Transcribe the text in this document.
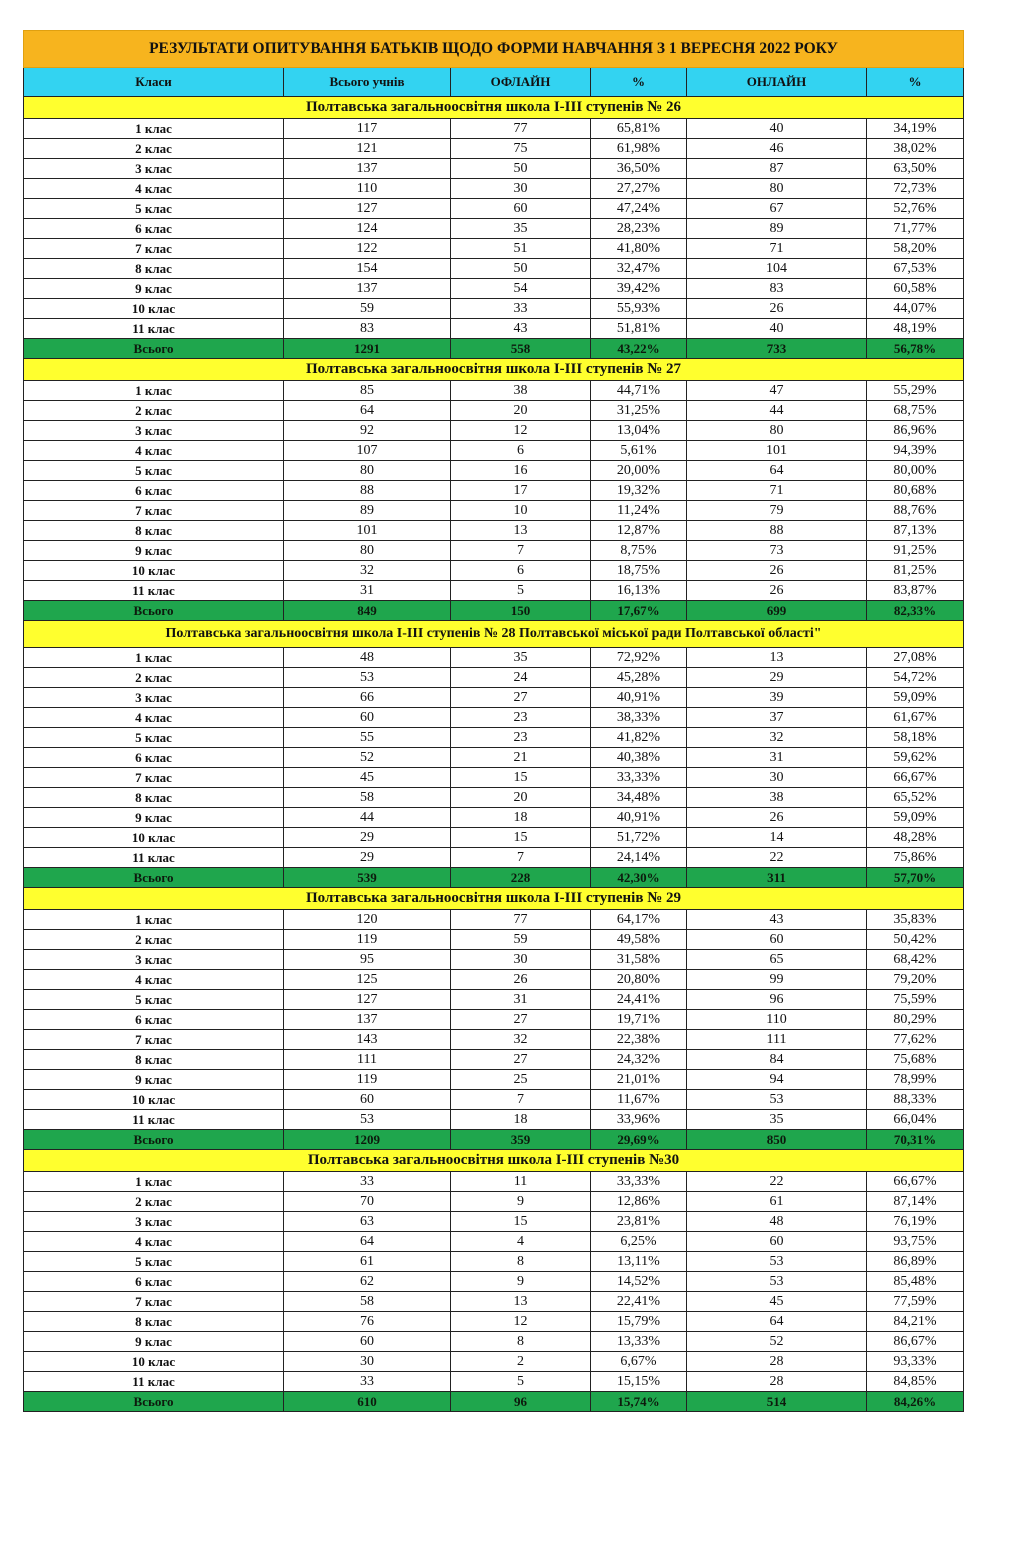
РЕЗУЛЬТАТИ ОПИТУВАННЯ БАТЬКІВ ЩОДО ФОРМИ НАВЧАННЯ З 1 ВЕРЕСНЯ 2022 РОКУ					
Класи	Всього учнів	ОФЛАЙН	%	ОНЛАЙН	%
Полтавська загальноосвітня школа І-ІІІ ступенів № 26					
1 клас	117	77	65,81%	40	34,19%
2 клас	121	75	61,98%	46	38,02%
3 клас	137	50	36,50%	87	63,50%
4 клас	110	30	27,27%	80	72,73%
5 клас	127	60	47,24%	67	52,76%
6 клас	124	35	28,23%	89	71,77%
7 клас	122	51	41,80%	71	58,20%
8 клас	154	50	32,47%	104	67,53%
9 клас	137	54	39,42%	83	60,58%
10 клас	59	33	55,93%	26	44,07%
11 клас	83	43	51,81%	40	48,19%
Всього	1291	558	43,22%	733	56,78%
Полтавська загальноосвітня школа І-ІІІ ступенів № 27					
1 клас	85	38	44,71%	47	55,29%
2 клас	64	20	31,25%	44	68,75%
3 клас	92	12	13,04%	80	86,96%
4 клас	107	6	5,61%	101	94,39%
5 клас	80	16	20,00%	64	80,00%
6 клас	88	17	19,32%	71	80,68%
7 клас	89	10	11,24%	79	88,76%
8 клас	101	13	12,87%	88	87,13%
9 клас	80	7	8,75%	73	91,25%
10 клас	32	6	18,75%	26	81,25%
11 клас	31	5	16,13%	26	83,87%
Всього	849	150	17,67%	699	82,33%
Полтавська загальноосвітня школа І-ІІІ ступенів № 28 Полтавської міської ради Полтавської області"					
1 клас	48	35	72,92%	13	27,08%
2 клас	53	24	45,28%	29	54,72%
3 клас	66	27	40,91%	39	59,09%
4 клас	60	23	38,33%	37	61,67%
5 клас	55	23	41,82%	32	58,18%
6 клас	52	21	40,38%	31	59,62%
7 клас	45	15	33,33%	30	66,67%
8 клас	58	20	34,48%	38	65,52%
9 клас	44	18	40,91%	26	59,09%
10 клас	29	15	51,72%	14	48,28%
11 клас	29	7	24,14%	22	75,86%
Всього	539	228	42,30%	311	57,70%
Полтавська загальноосвітня школа І-ІІІ ступенів № 29					
1 клас	120	77	64,17%	43	35,83%
2 клас	119	59	49,58%	60	50,42%
3 клас	95	30	31,58%	65	68,42%
4 клас	125	26	20,80%	99	79,20%
5 клас	127	31	24,41%	96	75,59%
6 клас	137	27	19,71%	110	80,29%
7 клас	143	32	22,38%	111	77,62%
8 клас	111	27	24,32%	84	75,68%
9 клас	119	25	21,01%	94	78,99%
10 клас	60	7	11,67%	53	88,33%
11 клас	53	18	33,96%	35	66,04%
Всього	1209	359	29,69%	850	70,31%
Полтавська загальноосвітня школа І-ІІІ ступенів №30					
1 клас	33	11	33,33%	22	66,67%
2 клас	70	9	12,86%	61	87,14%
3 клас	63	15	23,81%	48	76,19%
4 клас	64	4	6,25%	60	93,75%
5 клас	61	8	13,11%	53	86,89%
6 клас	62	9	14,52%	53	85,48%
7 клас	58	13	22,41%	45	77,59%
8 клас	76	12	15,79%	64	84,21%
9 клас	60	8	13,33%	52	86,67%
10 клас	30	2	6,67%	28	93,33%
11 клас	33	5	15,15%	28	84,85%
Всього	610	96	15,74%	514	84,26%
